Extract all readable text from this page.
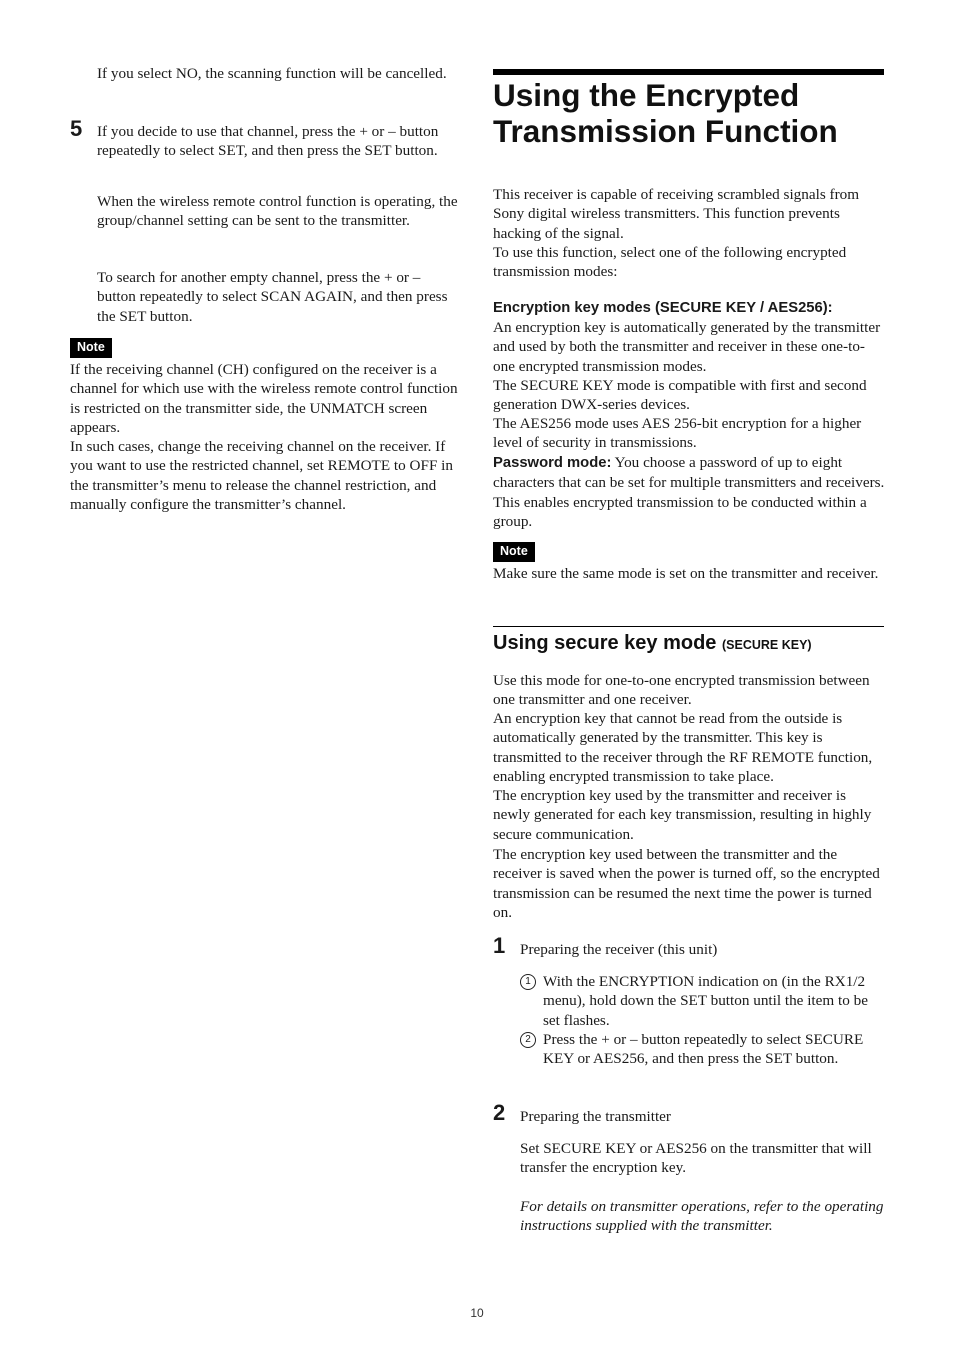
If you select NO, the scanning function will be cancelled.

5 If you decide to use that channel, press the + or – button repeatedly to select SET, and then press the SET button.

When the wireless remote control function is operating, the group/channel setting can be sent to the transmitter.

To search for another empty channel, press the + or – button repeatedly to select SCAN AGAIN, and then press the SET button.

Note

If the receiving channel (CH) configured on the receiver is a channel for which use with the wireless remote control function is restricted on the transmitter side, the UNMATCH screen appears.

In such cases, change the receiving channel on the receiver. If you want to use the restricted channel, set REMOTE to OFF in the transmitter’s menu to release the channel restriction, and manually configure the transmitter’s channel.

Using the Encrypted Transmission Function

This receiver is capable of receiving scrambled signals from Sony digital wireless transmitters. This function prevents hacking of the signal.

To use this function, select one of the following encrypted transmission modes:

Encryption key modes (SECURE KEY / AES256):

An encryption key is automatically generated by the transmitter and used by both the transmitter and receiver in these one-to-one encrypted transmission modes.

The SECURE KEY mode is compatible with first and second generation DWX-series devices.

The AES256 mode uses AES 256-bit encryption for a higher level of security in transmissions.

Password mode: You choose a password of up to eight characters that can be set for multiple transmitters and receivers. This enables encrypted transmission to be conducted within a group.

Note

Make sure the same mode is set on the transmitter and receiver.

Using secure key mode (SECURE KEY)

Use this mode for one-to-one encrypted transmission between one transmitter and one receiver.

An encryption key that cannot be read from the outside is automatically generated by the transmitter. This key is transmitted to the receiver through the RF REMOTE function, enabling encrypted transmission to take place.

The encryption key used by the transmitter and receiver is newly generated for each key transmission, resulting in highly secure communication.

The encryption key used between the transmitter and the receiver is saved when the power is turned off, so the encrypted transmission can be resumed the next time the power is turned on.

1 Preparing the receiver (this unit)

1 With the ENCRYPTION indication on (in the RX1/2 menu), hold down the SET button until the item to be set flashes.

2 Press the + or – button repeatedly to select SECURE KEY or AES256, and then press the SET button.

2 Preparing the transmitter

Set SECURE KEY or AES256 on the transmitter that will transfer the encryption key.

For details on transmitter operations, refer to the operating instructions supplied with the transmitter.

10
